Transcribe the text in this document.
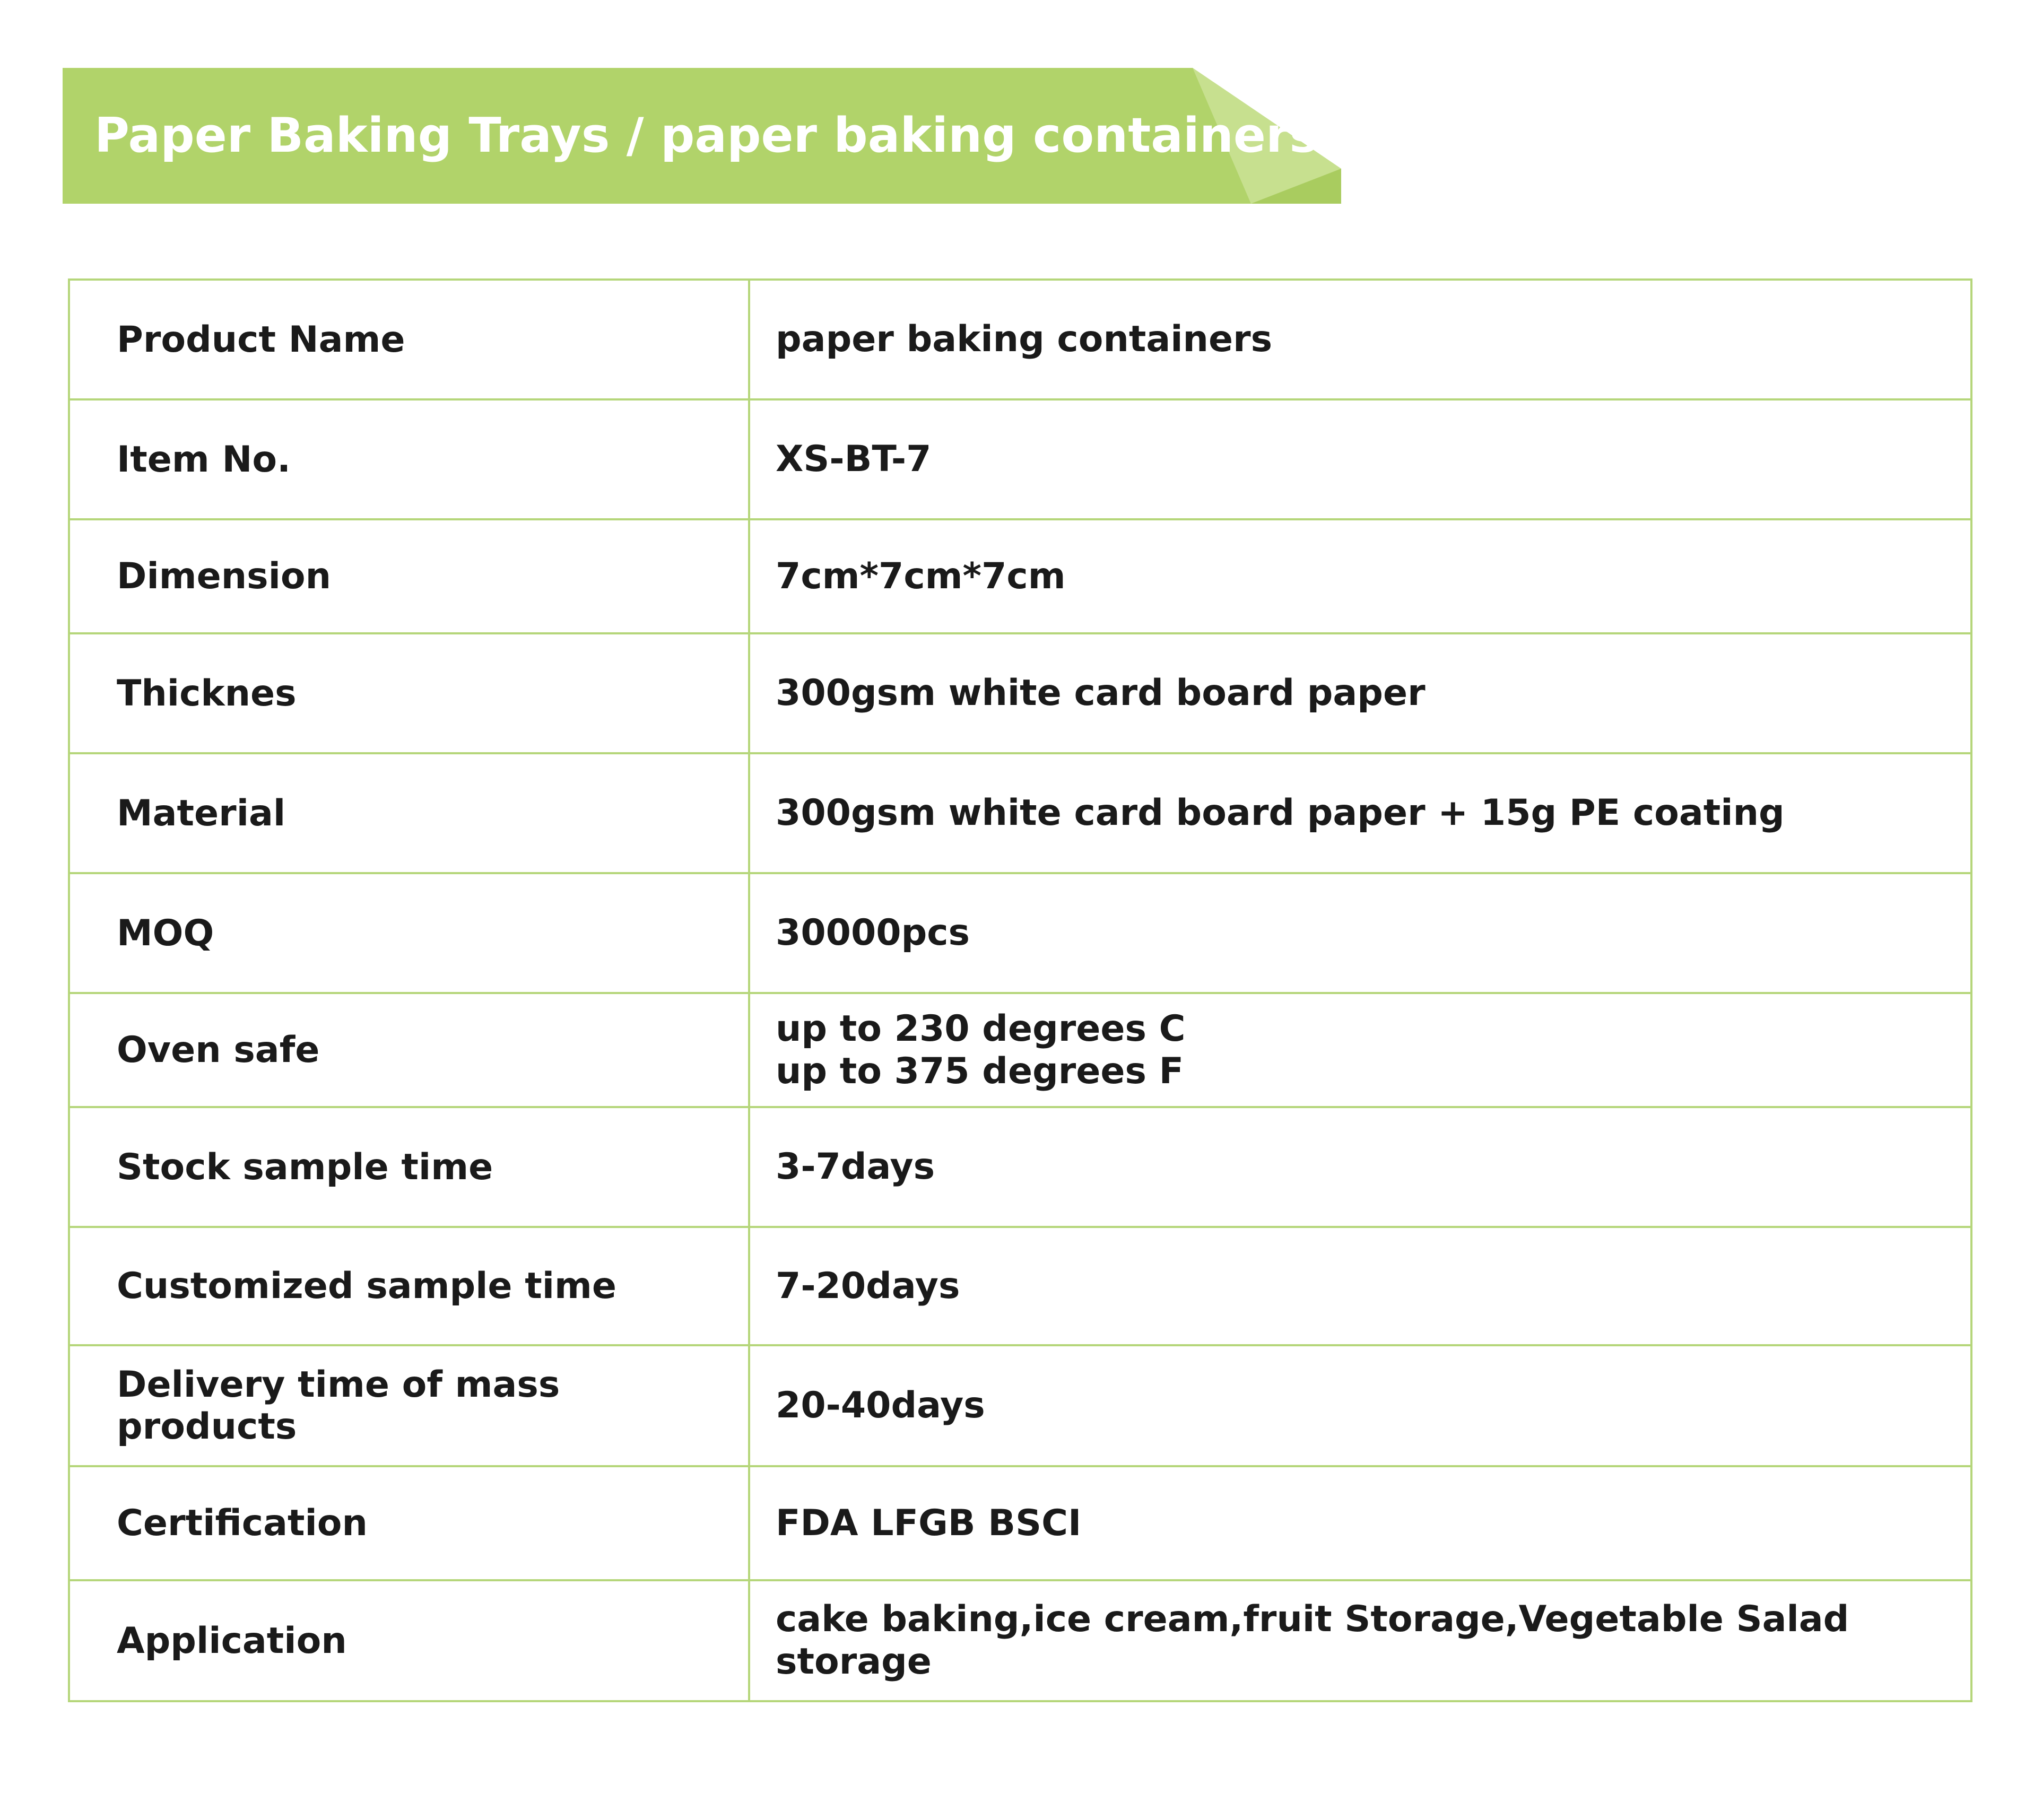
Paper Baking Trays / paper baking containers
Product Name	paper baking containers

Item No.	XS-BT-7

Dimension	7cm*7cm*7cm

Thicknes	300gsm white card board paper

Material	300gsm white card board paper + 15g PE coating

MOQ	30000pcs

Oven safe	up to 230 degrees C
up to 375 degrees F

Stock sample time	3-7days

Customized sample time	7-20days

Delivery time of mass products	20-40days

Certification	FDA LFGB BSCI

Application	cake baking,ice cream,fruit Storage,Vegetable Salad storage
